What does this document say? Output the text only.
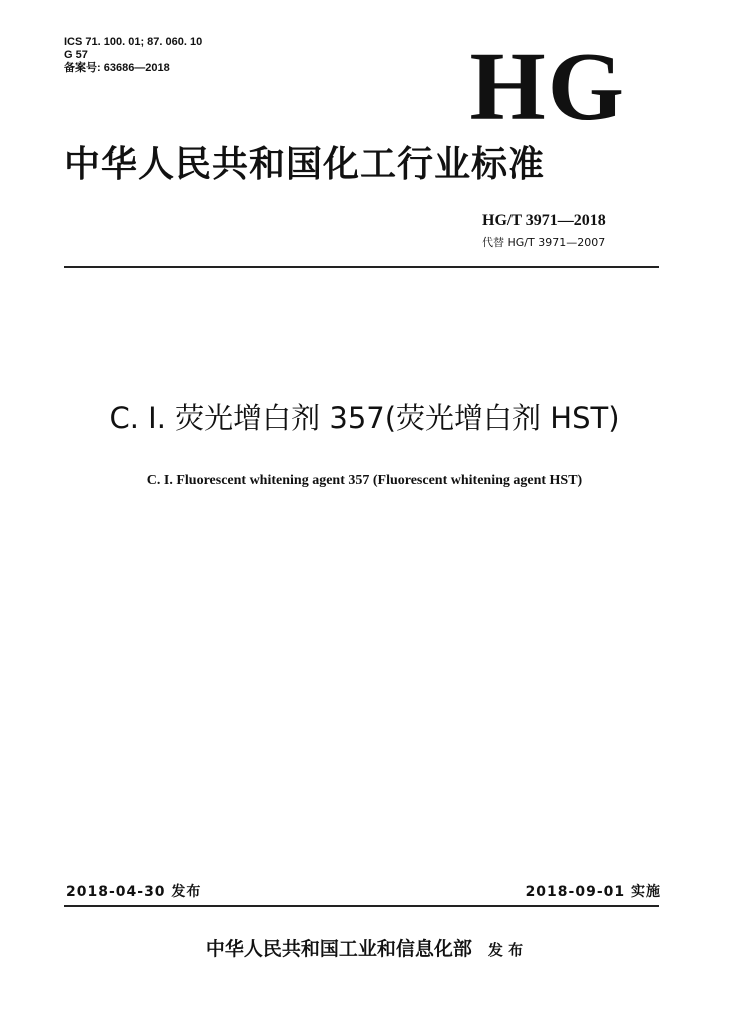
ICS 71. 100. 01; 87. 060. 10
G 57
备案号: 63686—2018	HG
中华人民共和国化工行业标准
HG/T 3971—2018
代替 HG/T 3971—2007
C. I. 荧光增白剂 357(荧光增白剂 HST)
C. I. Fluorescent whitening agent 357 (Fluorescent whitening agent HST)
2018-04-30 发布	2018-09-01 实施
中华人民共和国工业和信息化部 发 布
